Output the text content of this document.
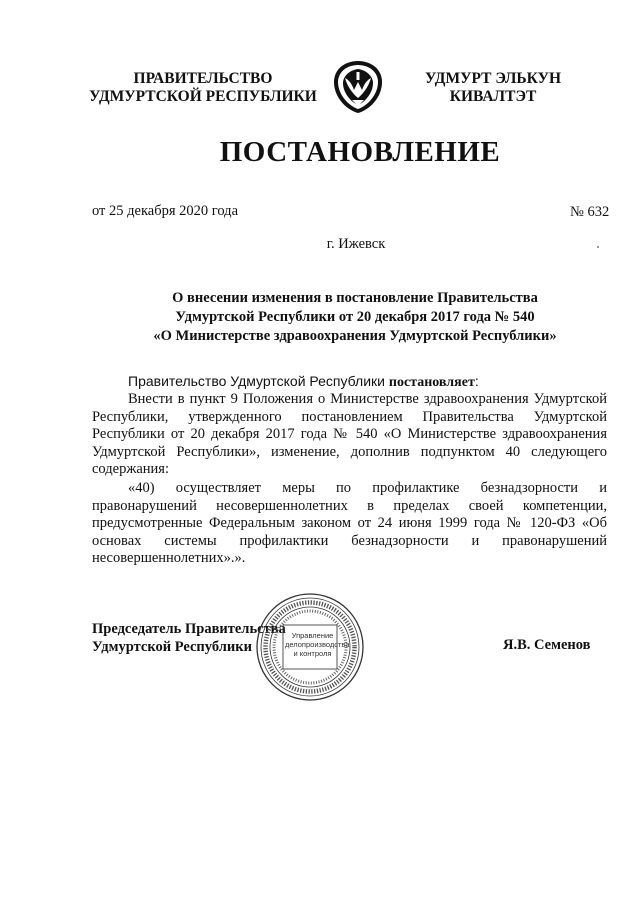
ПРАВИТЕЛЬСТВО
УДМУРТСКОЙ РЕСПУБЛИКИ
УДМУРТ ЭЛЬКУН
КИВАЛТЭТ
ПОСТАНОВЛЕНИЕ
от 25 декабря 2020 года	№ 632
г. Ижевск
О внесении изменения в постановление Правительства
Удмуртской Республики от 20 декабря 2017 года № 540
«О Министерстве здравоохранения Удмуртской Республики»
Правительство Удмуртской Республики постановляет:
Внести в пункт 9 Положения о Министерстве здравоохранения Удмуртской Республики, утвержденного постановлением Правительства Удмуртской Республики от 20 декабря 2017 года № 540 «О Министерстве здравоохранения Удмуртской Республики», изменение, дополнив подпунктом 40 следующего содержания:
«40) осуществляет меры по профилактике безнадзорности и правонарушений несовершеннолетних в пределах своей компетенции, предусмотренные Федеральным законом от 24 июня 1999 года № 120-ФЗ «Об основах системы профилактики безнадзорности и правонарушений несовершеннолетних».».
Председатель Правительства
Удмуртской Республики	Я.В. Семенов
Управление
делопроизводства
и контроля
